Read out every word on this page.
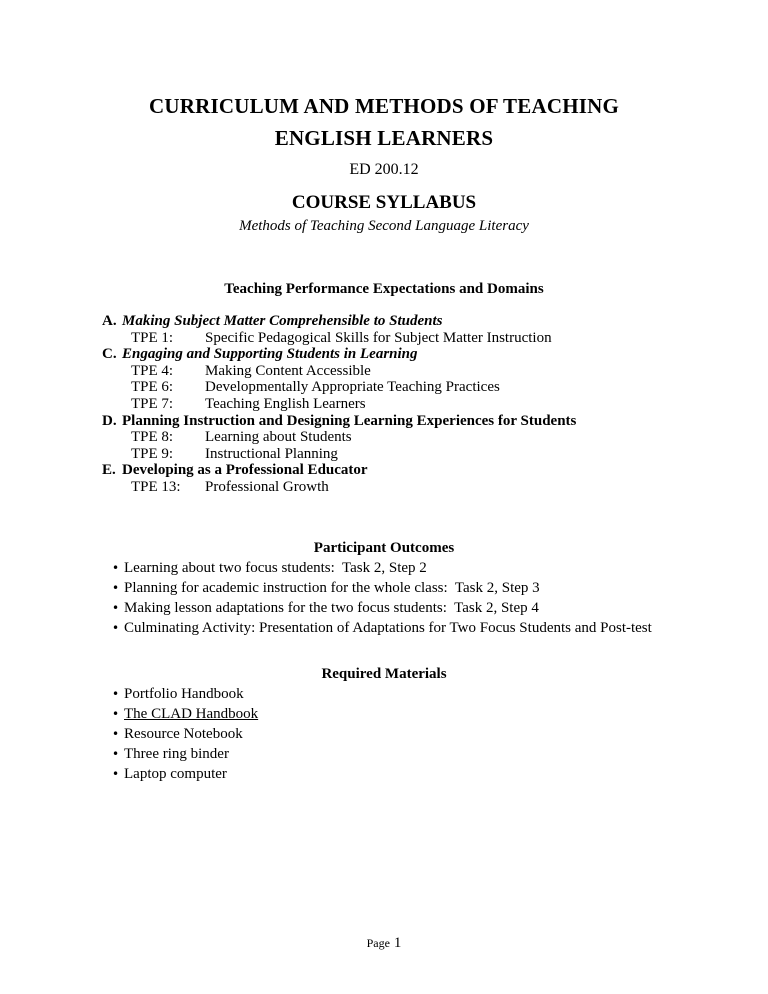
CURRICULUM AND METHODS OF TEACHING
ENGLISH LEARNERS
ED 200.12
COURSE SYLLABUS
Methods of Teaching Second Language Literacy
Teaching Performance Expectations and Domains
A. Making Subject Matter Comprehensible to Students
TPE 1: Specific Pedagogical Skills for Subject Matter Instruction
C. Engaging and Supporting Students in Learning
TPE 4: Making Content Accessible
TPE 6: Developmentally Appropriate Teaching Practices
TPE 7: Teaching English Learners
D. Planning Instruction and Designing Learning Experiences for Students
TPE 8: Learning about Students
TPE 9: Instructional Planning
E. Developing as a Professional Educator
TPE 13: Professional Growth
Participant Outcomes
• Learning about two focus students:  Task 2, Step 2
• Planning for academic instruction for the whole class:  Task 2, Step 3
• Making lesson adaptations for the two focus students:  Task 2, Step 4
• Culminating Activity: Presentation of Adaptations for Two Focus Students and Post-test
Required Materials
• Portfolio Handbook
• The CLAD Handbook
• Resource Notebook
• Three ring binder
• Laptop computer
Page 1
